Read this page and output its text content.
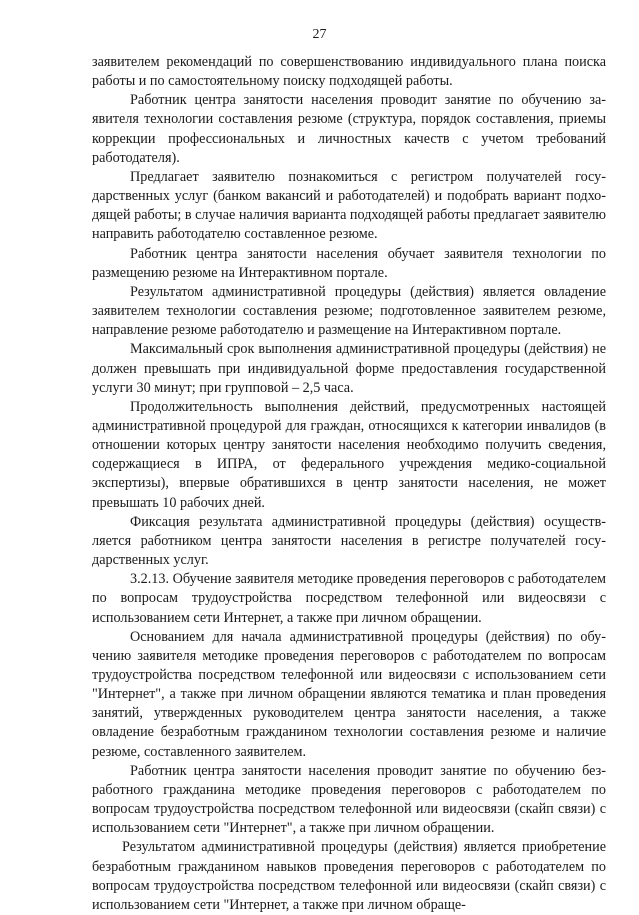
27

заявителем рекомендаций по совершенствованию индивидуального плана поиска работы и по самостоятельному поиску подходящей работы.

Работник центра занятости населения проводит занятие по обучению заявителя технологии составления резюме (структура, порядок составления, приемы коррекции профессиональных и личностных качеств с учетом требований работодателя).

Предлагает заявителю познакомиться с регистром получателей государственных услуг (банком вакансий и работодателей) и подобрать вариант подходящей работы; в случае наличия варианта подходящей работы предлагает заявителю направить работодателю составленное резюме.

Работник центра занятости населения обучает заявителя технологии по размещению резюме на Интерактивном портале.

Результатом административной процедуры (действия) является овладение заявителем технологии составления резюме; подготовленное заявителем резюме, направление резюме работодателю и размещение на Интерактивном портале.

Максимальный срок выполнения административной процедуры (действия) не должен превышать при индивидуальной форме предоставления государственной услуги 30 минут; при групповой – 2,5 часа.

Продолжительность выполнения действий, предусмотренных настоящей административной процедурой для граждан, относящихся к категории инвалидов (в отношении которых центру занятости населения необходимо получить сведения, содержащиеся в ИПРА, от федерального учреждения медико-социальной экспертизы), впервые обратившихся в центр занятости населения, не может превышать 10 рабочих дней.

Фиксация результата административной процедуры (действия) осуществляется работником центра занятости населения в регистре получателей государственных услуг.

3.2.13. Обучение заявителя методике проведения переговоров с работодателем по вопросам трудоустройства посредством телефонной или видеосвязи с использованием сети Интернет, а также при личном обращении.

Основанием для начала административной процедуры (действия) по обучению заявителя методике проведения переговоров с работодателем по вопросам трудоустройства посредством телефонной или видеосвязи с использованием сети "Интернет", а также при личном обращении являются тематика и план проведения занятий, утвержденных руководителем центра занятости населения, а также овладение безработным гражданином технологии составления резюме и наличие резюме, составленного заявителем.

Работник центра занятости населения проводит занятие по обучению безработного гражданина методике проведения переговоров с работодателем по вопросам трудоустройства посредством телефонной или видеосвязи (скайп связи) с использованием сети "Интернет", а также при личном обращении.

Результатом административной процедуры (действия) является приобретение безработным гражданином навыков проведения переговоров с работодателем по вопросам трудоустройства посредством телефонной или видеосвязи (скайп связи) с использованием сети "Интернет, а также при личном обраще-
